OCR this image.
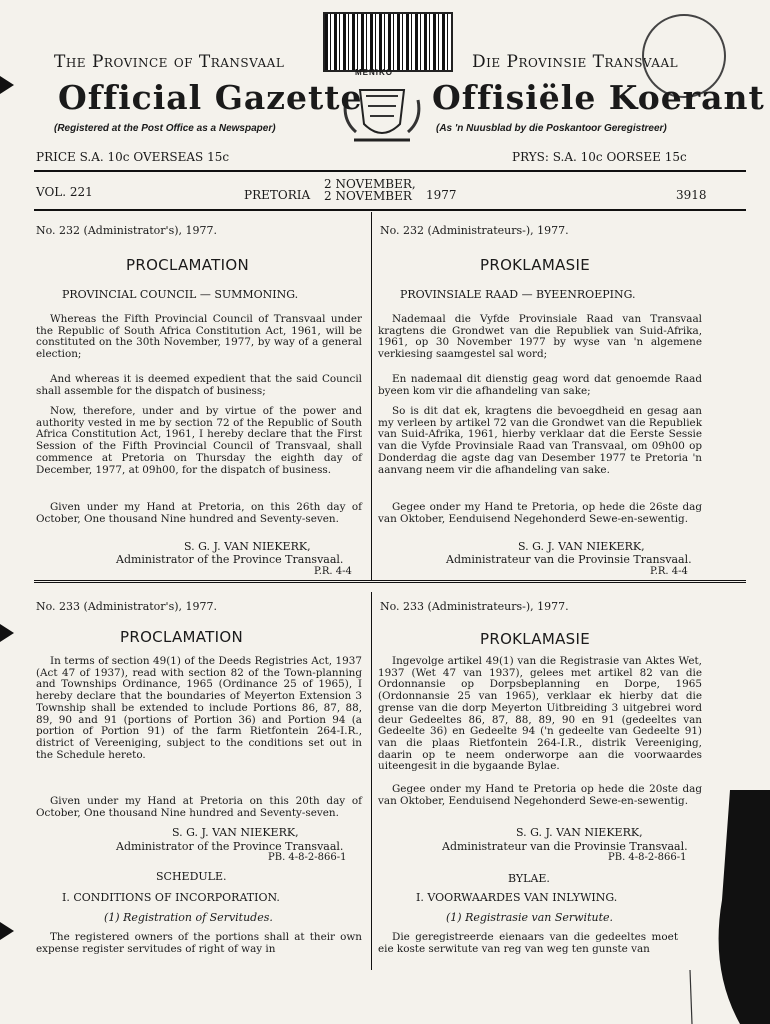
The Province of Transvaal	Die Provinsie Transvaal
MENIKO
Official Gazette Offisiële Koerant
(Registered at the Post Office as a Newspaper)	(As 'n Nuusblad by die Poskantoor Geregistreer)
PRICE S.A. 10c OVERSEAS 15c	PRYS: S.A. 10c OORSEE 15c
VOL. 221	PRETORIA
2 NOVEMBER,
2 NOVEMBER	1977	3918
No. 232 (Administrator's), 1977.
PROCLAMATION
PROVINCIAL COUNCIL — SUMMONING.

Whereas the Fifth Provincial Council of Transvaal under the Republic of South Africa Constitution Act, 1961, will be constituted on the 30th November, 1977, by way of a general election;

And whereas it is deemed expedient that the said Council shall assemble for the dispatch of business;

Now, therefore, under and by virtue of the power and authority vested in me by section 72 of the Republic of South Africa Constitution Act, 1961, I hereby declare that the First Session of the Fifth Provincial Council of Transvaal, shall commence at Pretoria on Thursday the eighth day of December, 1977, at 09h00, for the dispatch of business.

Given under my Hand at Pretoria, on this 26th day of October, One thousand Nine hundred and Seventy-seven.

S. G. J. VAN NIEKERK,
Administrator of the Province Transvaal.
P.R. 4-4
No. 232 (Administrateurs-), 1977.
PROKLAMASIE
PROVINSIALE RAAD — BYEENROEPING.

Nademaal die Vyfde Provinsiale Raad van Transvaal kragtens die Grondwet van die Republiek van Suid-Afrika, 1961, op 30 November 1977 by wyse van 'n algemene verkiesing saamgestel sal word;

En nademaal dit dienstig geag word dat genoemde Raad byeen kom vir die afhandeling van sake;

So is dit dat ek, kragtens die bevoegdheid en gesag aan my verleen by artikel 72 van die Grondwet van die Republiek van Suid-Afrika, 1961, hierby verklaar dat die Eerste Sessie van die Vyfde Provinsiale Raad van Transvaal, om 09h00 op Donderdag die agste dag van Desember 1977 te Pretoria 'n aanvang neem vir die afhandeling van sake.

Gegee onder my Hand te Pretoria, op hede die 26ste dag van Oktober, Eenduisend Negehonderd Sewe-en-sewentig.

S. G. J. VAN NIEKERK,
Administrateur van die Provinsie Transvaal.
P.R. 4-4
No. 233 (Administrator's), 1977.
PROCLAMATION

In terms of section 49(1) of the Deeds Registries Act, 1937 (Act 47 of 1937), read with section 82 of the Town-planning and Townships Ordinance, 1965 (Ordinance 25 of 1965), I hereby declare that the boundaries of Meyerton Extension 3 Township shall be extended to include Portions 86, 87, 88, 89, 90 and 91 (portions of Portion 36) and Portion 94 (a portion of Portion 91) of the farm Rietfontein 264-I.R., district of Vereeniging, subject to the conditions set out in the Schedule hereto.

Given under my Hand at Pretoria on this 20th day of October, One thousand Nine hundred and Seventy-seven.

S. G. J. VAN NIEKERK,
Administrator of the Province Transvaal.
PB. 4-8-2-866-1
SCHEDULE.
I. CONDITIONS OF INCORPORATION.
(1) Registration of Servitudes.

The registered owners of the portions shall at their own expense register servitudes of right of way in

No. 233 (Administrateurs-), 1977.
PROKLAMASIE

Ingevolge artikel 49(1) van die Registrasie van Aktes Wet, 1937 (Wet 47 van 1937), gelees met artikel 82 van die Ordonnansie op Dorpsbeplanning en Dorpe, 1965 (Ordonnansie 25 van 1965), verklaar ek hierby dat die grense van die dorp Meyerton Uitbreiding 3 uitgebrei word deur Gedeeltes 86, 87, 88, 89, 90 en 91 (gedeeltes van Gedeelte 36) en Gedeelte 94 ('n gedeelte van Gedeelte 91) van die plaas Rietfontein 264-I.R., distrik Vereeniging, daarin op te neem onderworpe aan die voorwaardes uiteengesit in die bygaande Bylae.

Gegee onder my Hand te Pretoria op hede die 20ste dag van Oktober, Eenduisend Negehonderd Sewe-en-sewentig.

S. G. J. VAN NIEKERK,
Administrateur van die Provinsie Transvaal.
PB. 4-8-2-866-1
BYLAE.
I. VOORWAARDES VAN INLYWING.
(1) Registrasie van Serwitute.

Die geregistreerde eienaars van die gedeeltes moet eie koste serwitute van reg van weg ten gunste van
